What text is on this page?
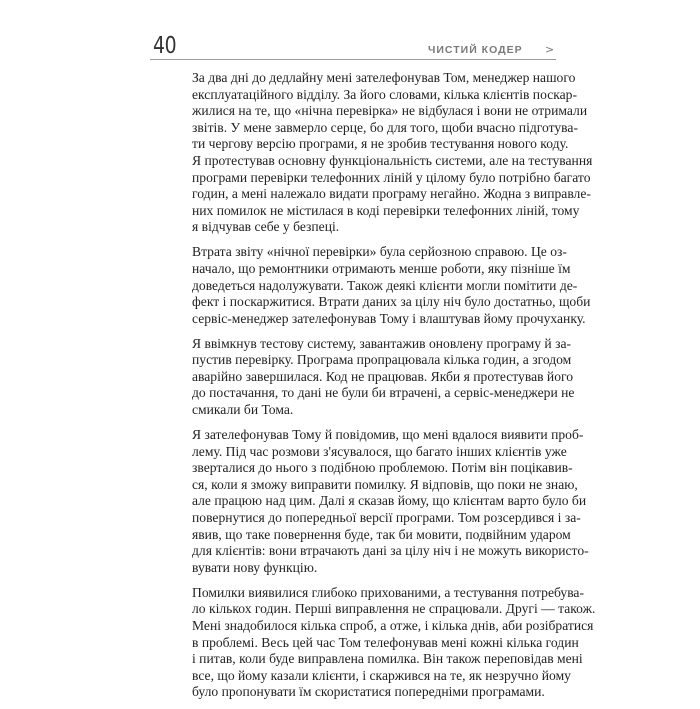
40	ЧИСТИЙ КОДЕР >
За два дні до дедлайну мені зателефонував Том, менеджер нашого
експлуатаційного відділу. За його словами, кілька клієнтів поскар-
жилися на те, що «нічна перевірка» не відбулася і вони не отримали
звітів. У мене завмерло серце, бо для того, щоби вчасно підготува-
ти чергову версію програми, я не зробив тестування нового коду.
Я протестував основну функціональність системи, але на тестування
програми перевірки телефонних ліній у цілому було потрібно багато
годин, а мені належало видати програму негайно. Жодна з виправле-
них помилок не містилася в коді перевірки телефонних ліній, тому
я відчував себе у безпеці.
Втрата звіту «нічної перевірки» була серйозною справою. Це оз-
начало, що ремонтники отримають менше роботи, яку пізніше їм
доведеться надолужувати. Також деякі клієнти могли помітити де-
фект і поскаржитися. Втрати даних за цілу ніч було достатньо, щоби
сервіс-менеджер зателефонував Тому і влаштував йому прочуханку.
Я ввімкнув тестову систему, завантажив оновлену програму й за-
пустив перевірку. Програма пропрацювала кілька годин, а згодом
аварійно завершилася. Код не працював. Якби я протестував його
до постачання, то дані не були би втрачені, а сервіс-менеджери не
смикали би Тома.
Я зателефонував Тому й повідомив, що мені вдалося виявити проб-
лему. Під час розмови з'ясувалося, що багато інших клієнтів уже
зверталися до нього з подібною проблемою. Потім він поцікавив-
ся, коли я зможу виправити помилку. Я відповів, що поки не знаю,
але працюю над цим. Далі я сказав йому, що клієнтам варто було би
повернутися до попередньої версії програми. Том розсердився і за-
явив, що таке повернення буде, так би мовити, подвійним ударом
для клієнтів: вони втрачають дані за цілу ніч і не можуть використо-
вувати нову функцію.
Помилки виявилися глибоко прихованими, а тестування потребува-
ло кількох годин. Перші виправлення не спрацювали. Другі — також.
Мені знадобилося кілька спроб, а отже, і кілька днів, аби розібратися
в проблемі. Весь цей час Том телефонував мені кожні кілька годин
і питав, коли буде виправлена помилка. Він також переповідав мені
все, що йому казали клієнти, і скаржився на те, як незручно йому
було пропонувати їм скористатися попередніми програмами.
